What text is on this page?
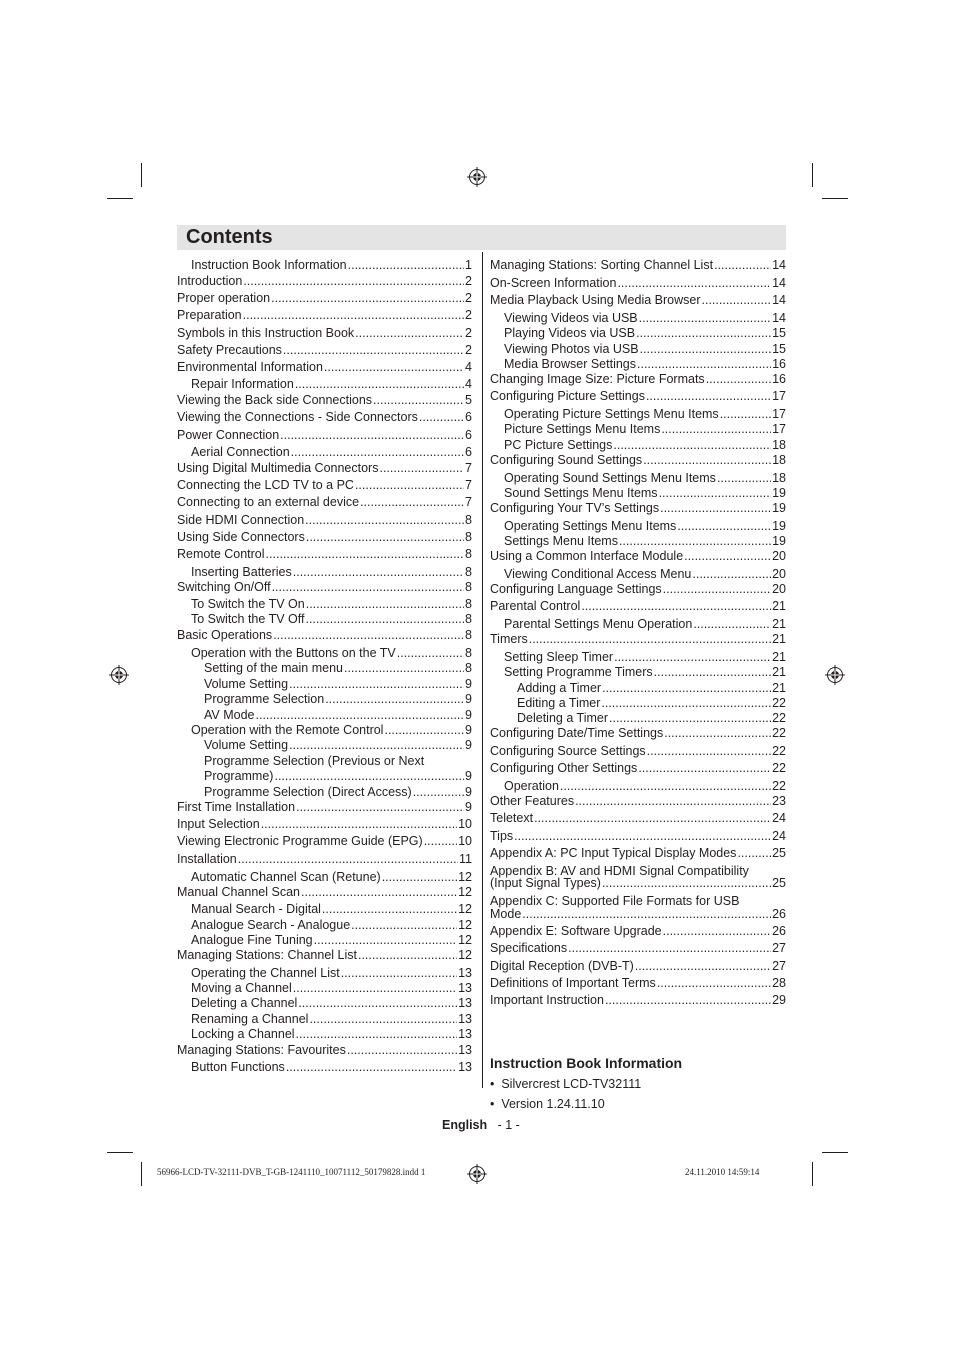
Contents
Instruction Book Information .....	1
Introduction .....	2
Proper operation .....	2
Preparation .....	2
Symbols in this Instruction Book .....	2
Safety Precautions .....	2
Environmental Information .....	4
Repair Information .....	4
Viewing the Back side Connections .....	5
Viewing the Connections - Side Connectors .....	6
Power Connection .....	6
Aerial Connection .....	6
Using Digital Multimedia Connectors .....	7
Connecting the LCD TV to a PC .....	7
Connecting to an external device .....	7
Side HDMI Connection .....	8
Using Side Connectors .....	8
Remote Control .....	8
Inserting Batteries .....	8
Switching On/Off .....	8
To Switch the TV On .....	8
To Switch the TV Off .....	8
Basic Operations .....	8
Operation with the Buttons on the TV .....	8
Setting of the main menu .....	8
Volume Setting .....	9
Programme Selection .....	9
AV Mode .....	9
Operation with the Remote Control .....	9
Volume Setting .....	9
Programme Selection (Previous or Next
Programme) .....	9
Programme Selection (Direct Access) .....	9
First Time Installation .....	9
Input Selection .....	10
Viewing Electronic Programme Guide (EPG) .....	10
Installation .....	11
Automatic Channel Scan (Retune) .....	12
Manual Channel Scan .....	12
Manual Search - Digital .....	12
Analogue Search - Analogue .....	12
Analogue Fine Tuning .....	12
Managing Stations: Channel List .....	12
Operating the Channel List .....	13
Moving a Channel .....	13
Deleting a Channel .....	13
Renaming a Channel .....	13
Locking a Channel .....	13
Managing Stations: Favourites .....	13
Button Functions .....	13
Managing Stations: Sorting Channel List .....	14
On-Screen Information .....	14
Media Playback Using Media Browser .....	14
Viewing Videos via USB .....	14
Playing Videos via USB .....	15
Viewing Photos via USB .....	15
Media Browser Settings .....	16
Changing Image Size: Picture Formats .....	16
Configuring Picture Settings .....	17
Operating Picture Settings Menu Items .....	17
Picture Settings Menu Items .....	17
PC Picture Settings .....	18
Configuring Sound Settings .....	18
Operating Sound Settings Menu Items .....	18
Sound Settings Menu Items .....	19
Configuring Your TV’s Settings .....	19
Operating Settings Menu Items .....	19
Settings Menu Items .....	19
Using a Common Interface Module .....	20
Viewing Conditional Access Menu .....	20
Configuring Language Settings .....	20
Parental Control .....	21
Parental Settings Menu Operation .....	21
Timers .....	21
Setting Sleep Timer .....	21
Setting Programme Timers .....	21
Adding a Timer .....	21
Editing a Timer .....	22
Deleting a Timer .....	22
Configuring Date/Time Settings .....	22
Configuring Source Settings .....	22
Configuring Other Settings .....	22
Operation .....	22
Other Features .....	23
Teletext .....	24
Tips .....	24
Appendix A: PC Input Typical Display Modes .....	25
Appendix B: AV and HDMI Signal Compatibility
(Input Signal Types) .....	25
Appendix C: Supported File Formats for USB
Mode .....	26
Appendix E: Software Upgrade .....	26
Specifications .....	27
Digital Reception (DVB-T) .....	27
Definitions of Important Terms .....	28
Important Instruction .....	29
Instruction Book Information
•  Silvercrest LCD-TV32111
•  Version 1.24.11.10
English - 1 -
56966-LCD-TV-32111-DVB_T-GB-1241110_10071112_50179828.indd 1	24.11.2010 14:59:14
